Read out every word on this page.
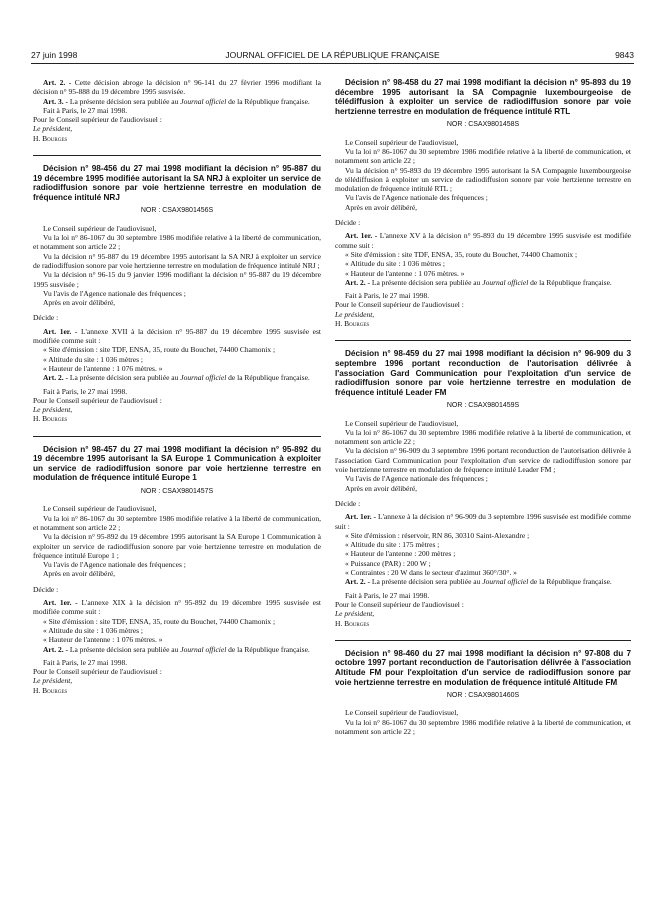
27 juin 1998	JOURNAL OFFICIEL DE LA RÉPUBLIQUE FRANÇAISE	9843

Art. 2. - Cette décision abroge la décision n° 96-141 du 27 février 1996 modifiant la décision n° 95-888 du 19 décembre 1995 susvisée.

Art. 3. - La présente décision sera publiée au Journal officiel de la République française.

Fait à Paris, le 27 mai 1998.

Pour le Conseil supérieur de l'audiovisuel :

Le président,

H. Bourges

Décision n° 98-456 du 27 mai 1998 modifiant la décision n° 95-887 du 19 décembre 1995 modifiée autorisant la SA NRJ à exploiter un service de radiodiffusion sonore par voie hertzienne terrestre en modulation de fréquence intitulé NRJ

NOR : CSAX9801456S

Le Conseil supérieur de l'audiovisuel,

Vu la loi n° 86-1067 du 30 septembre 1986 modifiée relative à la liberté de communication, et notamment son article 22 ;

Vu la décision n° 95-887 du 19 décembre 1995 autorisant la SA NRJ à exploiter un service de radiodiffusion sonore par voie hertzienne terrestre en modulation de fréquence intitulé NRJ ;

Vu la décision n° 96-15 du 9 janvier 1996 modifiant la décision n° 95-887 du 19 décembre 1995 susvisée ;

Vu l'avis de l'Agence nationale des fréquences ;

Après en avoir délibéré,

Décide :

Art. 1er. - L'annexe XVII à la décision n° 95-887 du 19 décembre 1995 susvisée est modifiée comme suit :

« Site d'émission : site TDF, ENSA, 35, route du Bouchet, 74400 Chamonix ;

« Altitude du site : 1 036 mètres ;

« Hauteur de l'antenne : 1 076 mètres. »

Art. 2. - La présente décision sera publiée au Journal officiel de la République française.

Fait à Paris, le 27 mai 1998.

Pour le Conseil supérieur de l'audiovisuel :

Le président,

H. Bourges

Décision n° 98-457 du 27 mai 1998 modifiant la décision n° 95-892 du 19 décembre 1995 autorisant la SA Europe 1 Communication à exploiter un service de radiodiffusion sonore par voie hertzienne terrestre en modulation de fréquence intitulé Europe 1

NOR : CSAX9801457S

Le Conseil supérieur de l'audiovisuel,

Vu la loi n° 86-1067 du 30 septembre 1986 modifiée relative à la liberté de communication, et notamment son article 22 ;

Vu la décision n° 95-892 du 19 décembre 1995 autorisant la SA Europe 1 Communication à exploiter un service de radiodiffusion sonore par voie hertzienne terrestre en modulation de fréquence intitulé Europe 1 ;

Vu l'avis de l'Agence nationale des fréquences ;

Après en avoir délibéré,

Décide :

Art. 1er. - L'annexe XIX à la décision n° 95-892 du 19 décembre 1995 susvisée est modifiée comme suit :

« Site d'émission : site TDF, ENSA, 35, route du Bouchet, 74400 Chamonix ;

« Altitude du site : 1 036 mètres ;

« Hauteur de l'antenne : 1 076 mètres. »

Art. 2. - La présente décision sera publiée au Journal officiel de la République française.

Fait à Paris, le 27 mai 1998.

Pour le Conseil supérieur de l'audiovisuel :

Le président,

H. Bourges

Décision n° 98-458 du 27 mai 1998 modifiant la décision n° 95-893 du 19 décembre 1995 autorisant la SA Compagnie luxembourgeoise de télédiffusion à exploiter un service de radiodiffusion sonore par voie hertzienne terrestre en modulation de fréquence intitulé RTL

NOR : CSAX9801458S

Le Conseil supérieur de l'audiovisuel,

Vu la loi n° 86-1067 du 30 septembre 1986 modifiée relative à la liberté de communication, et notamment son article 22 ;

Vu la décision n° 95-893 du 19 décembre 1995 autorisant la SA Compagnie luxembourgeoise de télédiffusion à exploiter un service de radiodiffusion sonore par voie hertzienne terrestre en modulation de fréquence intitulé RTL ;

Vu l'avis de l'Agence nationale des fréquences ;

Après en avoir délibéré,

Décide :

Art. 1er. - L'annexe XV à la décision n° 95-893 du 19 décembre 1995 susvisée est modifiée comme suit :

« Site d'émission : site TDF, ENSA, 35, route du Bouchet, 74400 Chamonix ;

« Altitude du site : 1 036 mètres ;

« Hauteur de l'antenne : 1 076 mètres. »

Art. 2. - La présente décision sera publiée au Journal officiel de la République française.

Fait à Paris, le 27 mai 1998.

Pour le Conseil supérieur de l'audiovisuel :

Le président,

H. Bourges

Décision n° 98-459 du 27 mai 1998 modifiant la décision n° 96-909 du 3 septembre 1996 portant reconduction de l'autorisation délivrée à l'association Gard Communication pour l'exploitation d'un service de radiodiffusion sonore par voie hertzienne terrestre en modulation de fréquence intitulé Leader FM

NOR : CSAX9801459S

Le Conseil supérieur de l'audiovisuel,

Vu la loi n° 86-1067 du 30 septembre 1986 modifiée relative à la liberté de communication, et notamment son article 22 ;

Vu la décision n° 96-909 du 3 septembre 1996 portant reconduction de l'autorisation délivrée à l'association Gard Communication pour l'exploitation d'un service de radiodiffusion sonore par voie hertzienne terrestre en modulation de fréquence intitulé Leader FM ;

Vu l'avis de l'Agence nationale des fréquences ;

Après en avoir délibéré,

Décide :

Art. 1er. - L'annexe à la décision n° 96-909 du 3 septembre 1996 susvisée est modifiée comme suit :

« Site d'émission : réservoir, RN 86, 30310 Saint-Alexandre ;

« Altitude du site : 175 mètres ;

« Hauteur de l'antenne : 200 mètres ;

« Puissance (PAR) : 200 W ;

« Contraintes : 20 W dans le secteur d'azimut 360°/30°. »

Art. 2. - La présente décision sera publiée au Journal officiel de la République française.

Fait à Paris, le 27 mai 1998.

Pour le Conseil supérieur de l'audiovisuel :

Le président,

H. Bourges

Décision n° 98-460 du 27 mai 1998 modifiant la décision n° 97-808 du 7 octobre 1997 portant reconduction de l'autorisation délivrée à l'association Altitude FM pour l'exploitation d'un service de radiodiffusion sonore par voie hertzienne terrestre en modulation de fréquence intitulé Altitude FM

NOR : CSAX9801460S

Le Conseil supérieur de l'audiovisuel,

Vu la loi n° 86-1067 du 30 septembre 1986 modifiée relative à la liberté de communication, et notamment son article 22 ;
